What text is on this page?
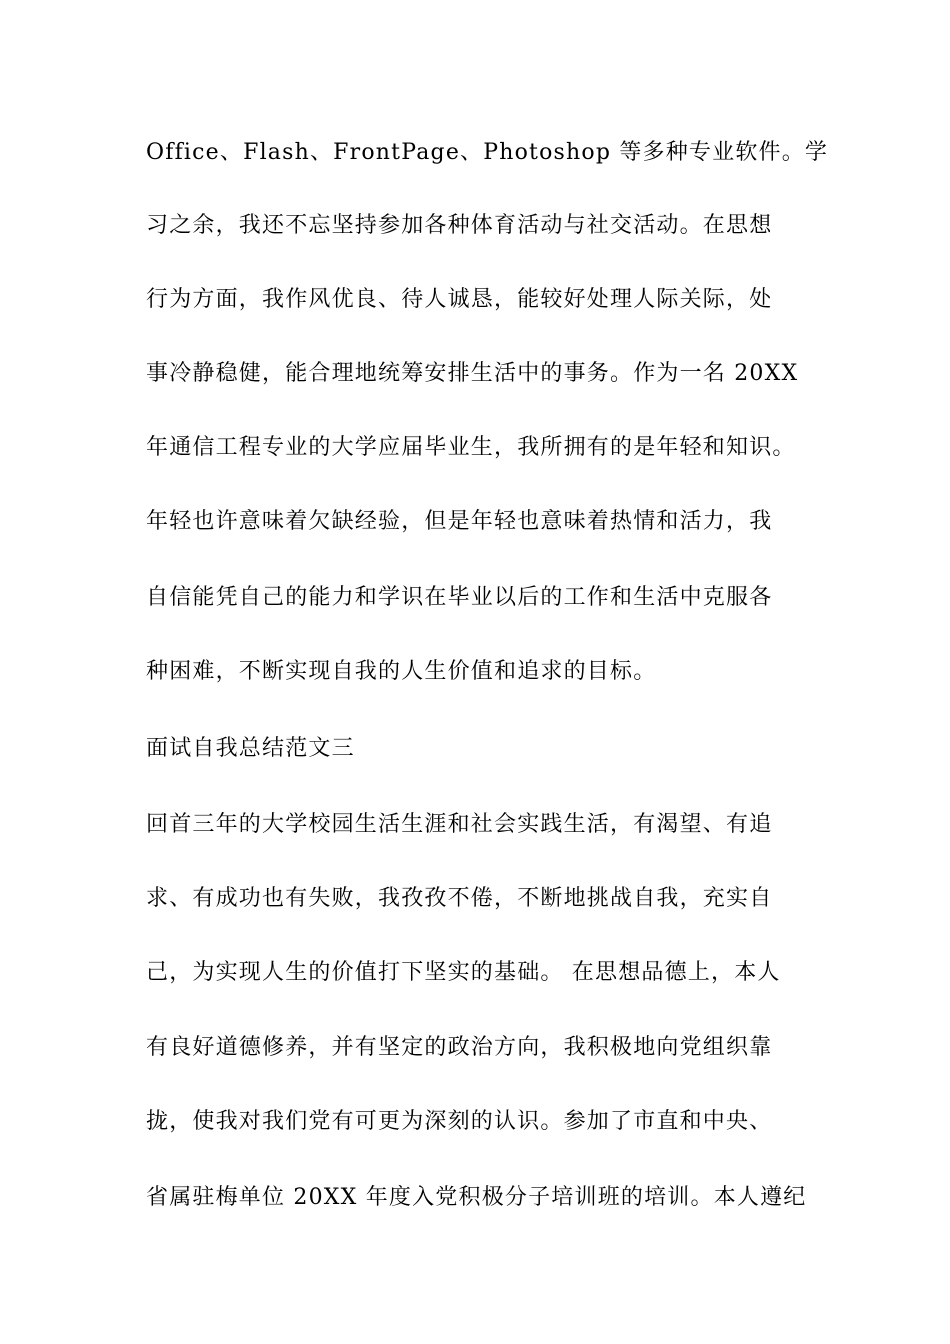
Office、Flash、FrontPage、Photoshop 等多种专业软件。学
习之余，我还不忘坚持参加各种体育活动与社交活动。在思想
行为方面，我作风优良、待人诚恳，能较好处理人际关际，处
事冷静稳健，能合理地统筹安排生活中的事务。作为一名 20XX
年通信工程专业的大学应届毕业生，我所拥有的是年轻和知识。
年轻也许意味着欠缺经验，但是年轻也意味着热情和活力，我
自信能凭自己的能力和学识在毕业以后的工作和生活中克服各
种困难，不断实现自我的人生价值和追求的目标。
面试自我总结范文三
回首三年的大学校园生活生涯和社会实践生活，有渴望、有追
求、有成功也有失败，我孜孜不倦，不断地挑战自我，充实自
己，为实现人生的价值打下坚实的基础。 在思想品德上，本人
有良好道德修养，并有坚定的政治方向，我积极地向党组织靠
拢，使我对我们党有可更为深刻的认识。参加了市直和中央、
省属驻梅单位 20XX 年度入党积极分子培训班的培训。本人遵纪
